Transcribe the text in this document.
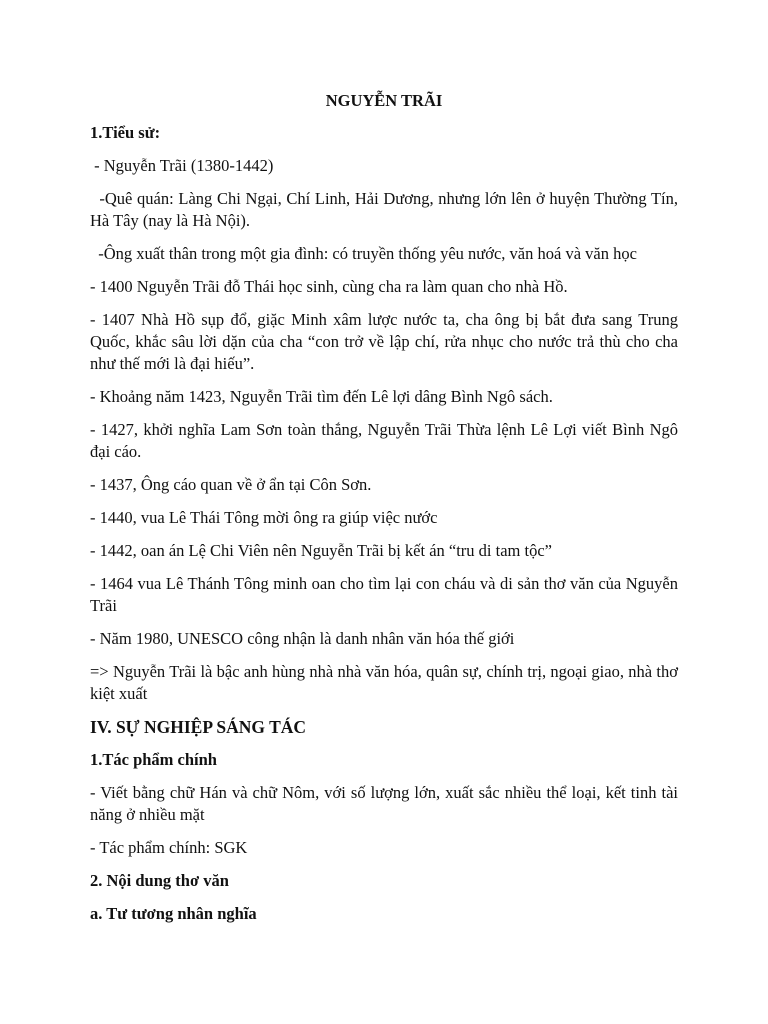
NGUYỄN TRÃI
1.Tiểu sử:

- Nguyễn Trãi (1380-1442)

-Quê quán: Làng Chi Ngại, Chí Linh, Hải Dương, nhưng lớn lên ở huyện Thường Tín, Hà Tây (nay là Hà Nội).

-Ông xuất thân trong một gia đình: có truyền thống yêu nước, văn hoá và văn học

- 1400 Nguyễn Trãi đỗ Thái học sinh, cùng cha ra làm quan cho nhà Hồ.

- 1407 Nhà Hồ sụp đổ, giặc Minh xâm lược nước ta, cha ông bị bắt đưa sang Trung Quốc, khắc sâu lời dặn của cha “con trở về lập chí, rửa nhục cho nước trả thù cho cha như thế mới là đại hiếu”.

- Khoảng năm 1423, Nguyễn Trãi tìm đến Lê lợi dâng Bình Ngô sách.

- 1427, khởi nghĩa Lam Sơn toàn thắng, Nguyễn Trãi Thừa lệnh Lê Lợi viết Bình Ngô đại cáo.

- 1437, Ông cáo quan về ở ẩn tại Côn Sơn.

- 1440, vua Lê Thái Tông mời ông ra giúp việc nước

- 1442, oan án Lệ Chi Viên nên Nguyễn Trãi bị kết án “tru di tam tộc”

- 1464 vua Lê Thánh Tông minh oan cho tìm lại con cháu và di sản thơ văn của Nguyễn Trãi

- Năm 1980, UNESCO công nhận là danh nhân văn hóa thế giới

=> Nguyễn Trãi là bậc anh hùng nhà nhà văn hóa, quân sự, chính trị, ngoại giao, nhà thơ kiệt xuất

IV. SỰ NGHIỆP SÁNG TÁC
1.Tác phẩm chính

- Viết bằng chữ Hán và chữ Nôm, với số lượng lớn, xuất sắc nhiều thể loại, kết tinh tài năng ở nhiều mặt

- Tác phẩm chính: SGK

2. Nội dung thơ văn
a. Tư tương nhân nghĩa
